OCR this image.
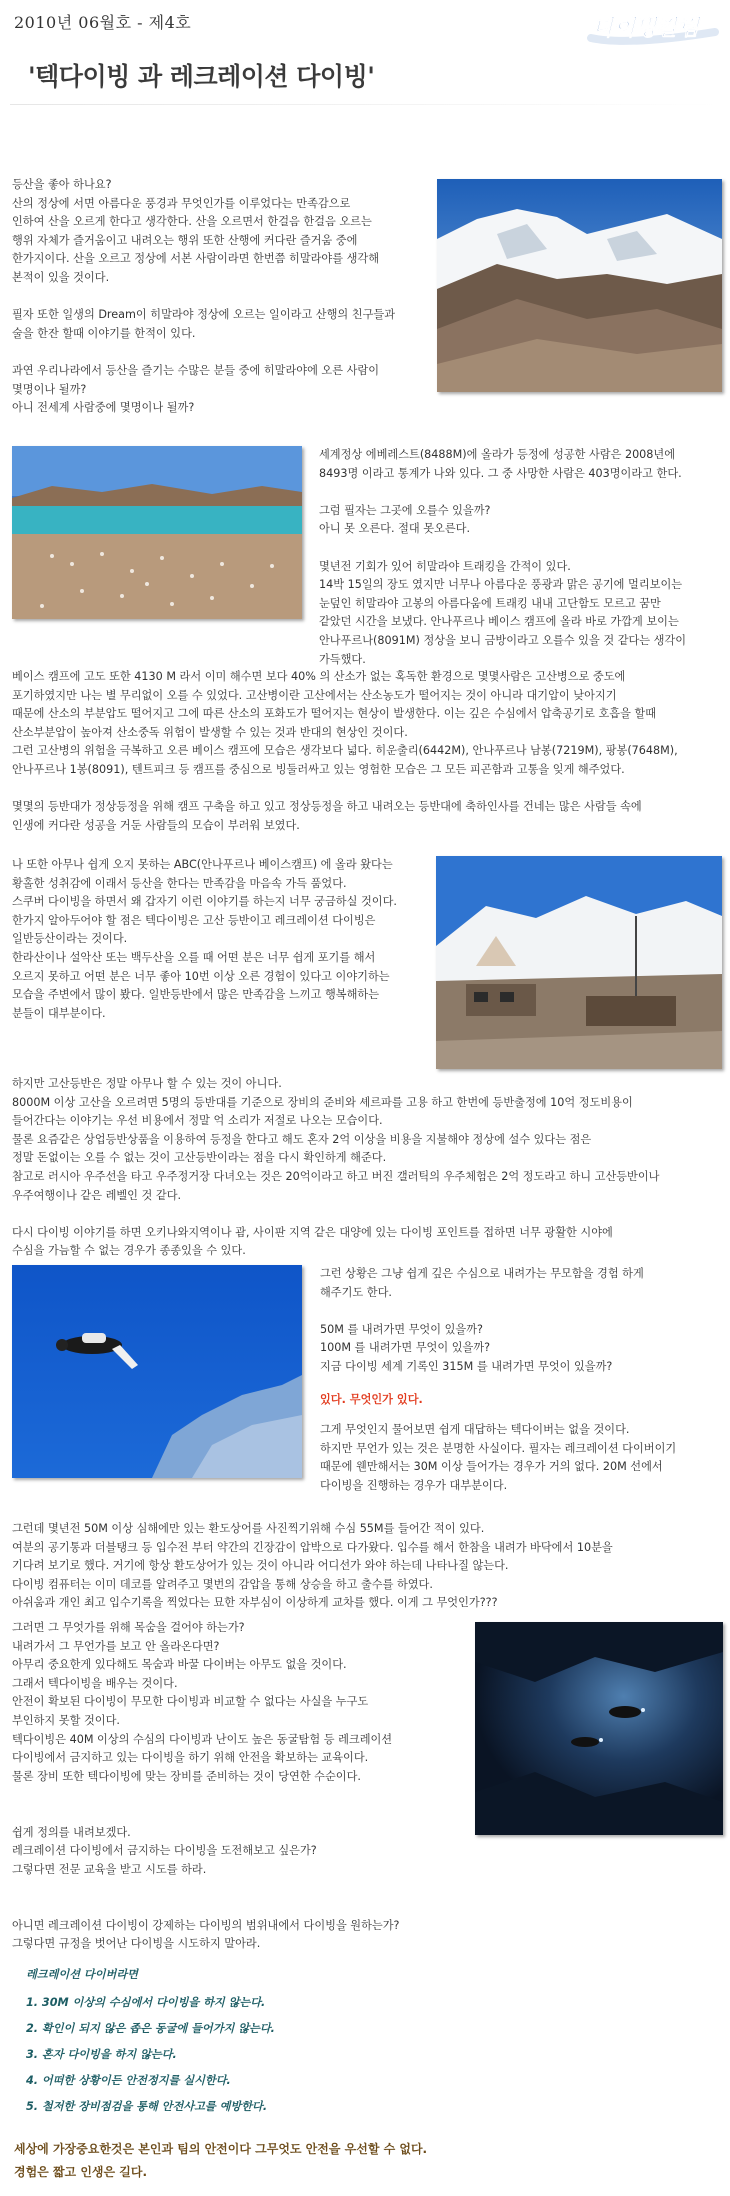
2010년 06월호 - 제4호	다이빙칼럼
'텍다이빙 과 레크레이션 다이빙'
등산을 좋아 하나요?
산의 정상에 서면 아름다운 풍경과 무엇인가를 이루었다는 만족감으로
인하여 산을 오르게 한다고 생각한다. 산을 오르면서 한걸음 한걸음 오르는
행위 자체가 즐거움이고 내려오는 행위 또한 산행에 커다란 즐거움 중에
한가지이다. 산을 오르고 정상에 서본 사람이라면 한번쯤 히말라야를 생각해
본적이 있을 것이다.

필자 또한 일생의 Dream이 히말라야 정상에 오르는 일이라고 산행의 친구들과
술을 한잔 할때 이야기를 한적이 있다.

과연 우리나라에서 등산을 즐기는 수많은 분들 중에 히말라야에 오른 사람이
몇명이나 될까?
아니 전세계 사람중에 몇명이나 될까?
세계정상 에베레스트(8488M)에 올라가 등정에 성공한 사람은 2008년에
8493명 이라고 통계가 나와 있다. 그 중 사망한 사람은 403명이라고 한다.

그럼 필자는 그곳에 오를수 있을까?
아니 못 오른다. 절대 못오른다.

몇년전 기회가 있어 히말라야 트래킹을 간적이 있다.
14박 15일의 장도 였지만 너무나 아름다운 풍광과 맑은 공기에 멀리보이는
눈덮인 히말라야 고봉의 아름다움에 트래킹 내내 고단함도 모르고 꿈만
같았던 시간을 보냈다. 안나푸르나 베이스 캠프에 올라 바로 가깝게 보이는
안나푸르나(8091M) 정상을 보니 금방이라고 오를수 있을 것 같다는 생각이
가득했다.
베이스 캠프에 고도 또한 4130 M 라서 이미 해수면 보다 40% 의 산소가 없는 혹독한 환경으로 몇몇사람은 고산병으로 중도에
포기하였지만 나는 별 무리없이 오를 수 있었다. 고산병이란 고산에서는 산소농도가 떨어지는 것이 아니라 대기압이 낮아지기
때문에 산소의 부분압도 떨어지고 그에 따른 산소의 포화도가 떨어지는 현상이 발생한다. 이는 깊은 수심에서 압축공기로 호흡을 할때
산소부분압이 높아져 산소중독 위험이 발생할 수 있는 것과 반대의 현상인 것이다.
그런 고산병의 위험을 극복하고 오른 베이스 캠프에 모습은 생각보다 넓다. 히운출리(6442M), 안나푸르나 남봉(7219M), 팡봉(7648M),
안나푸르나 1봉(8091), 텐트피크 등 캠프를 중심으로 빙둘러싸고 있는 영험한 모습은 그 모든 피곤함과 고통을 잊게 해주었다.

몇몇의 등반대가 정상등정을 위해 캠프 구축을 하고 있고 정상등정을 하고 내려오는 등반대에 축하인사를 건네는 많은 사람들 속에
인생에 커다란 성공을 거둔 사람들의 모습이 부러워 보였다.
나 또한 아무나 쉽게 오지 못하는 ABC(안나푸르나 베이스캠프) 에 올라 왔다는
황홀한 성취감에 이래서 등산을 한다는 만족감을 마음속 가득 품었다.
스쿠버 다이빙을 하면서 왜 갑자기 이런 이야기를 하는지 너무 궁금하실 것이다.
한가지 알아두어야 할 점은 텍다이빙은 고산 등반이고 레크레이션 다이빙은
일반등산이라는 것이다.
한라산이나 설악산 또는 백두산을 오를 때 어떤 분은 너무 쉽게 포기를 해서
오르지 못하고 어떤 분은 너무 좋아 10번 이상 오른 경험이 있다고 이야기하는
모습을 주변에서 많이 봤다. 일반등반에서 많은 만족감을 느끼고 행복해하는
분들이 대부분이다.
하지만 고산등반은 정말 아무나 할 수 있는 것이 아니다.
8000M 이상 고산을 오르려면 5명의 등반대를 기준으로 장비의 준비와 셰르파를 고용 하고 한번에 등반출정에 10억 정도비용이
들어간다는 이야기는 우선 비용에서 정말 억 소리가 저절로 나오는 모습이다.
물론 요즘같은 상업등반상품을 이용하여 등정을 한다고 해도 혼자 2억 이상을 비용을 지불해야 정상에 설수 있다는 점은
정말 돈없이는 오를 수 없는 것이 고산등반이라는 점을 다시 확인하게 해준다.
참고로 러시아 우주선을 타고 우주정거장 다녀오는 것은 20억이라고 하고 버진 갤러틱의 우주체험은 2억 정도라고 하니 고산등반이나
우주여행이나 같은 레벨인 것 같다.

다시 다이빙 이야기를 하면 오키나와지역이나 괌, 사이판 지역 같은 대양에 있는 다이빙 포인트를 접하면 너무 광활한 시야에
수심을 가늠할 수 없는 경우가 종종있을 수 있다.
그런 상황은 그냥 쉽게 깊은 수심으로 내려가는 무모함을 경험 하게
해주기도 한다.

50M 를 내려가면 무엇이 있을까?
100M 를 내려가면 무엇이 있을까?
지금 다이빙 세계 기록인 315M 를 내려가면 무엇이 있을까?
있다. 무엇인가 있다.
그게 무엇인지 물어보면 쉽게 대답하는 텍다이버는 없을 것이다.
하지만 무언가 있는 것은 분명한 사실이다. 필자는 레크레이션 다이버이기
때문에 웬만해서는 30M 이상 들어가는 경우가 거의 없다. 20M 선에서
다이빙을 진행하는 경우가 대부분이다.
그런데 몇년전 50M 이상 심해에만 있는 환도상어를 사진찍기위해 수심 55M를 들어간 적이 있다.
여분의 공기통과 더블탱크 등 입수전 부터 약간의 긴장감이 압박으로 다가왔다. 입수를 해서 한참을 내려가 바닥에서 10분을
기다려 보기로 했다. 거기에 항상 환도상어가 있는 것이 아니라 어디선가 와야 하는데 나타나질 않는다.
다이빙 컴퓨터는 이미 데코를 알려주고 몇번의 감압을 통해 상승을 하고 출수를 하였다.
아쉬움과 개인 최고 입수기록을 찍었다는 묘한 자부심이 이상하게 교차를 했다. 이게 그 무엇인가???
그러면 그 무엇가를 위해 목숨을 걸어야 하는가?
내려가서 그 무언가를 보고 안 올라온다면?
아무리 중요한게 있다해도 목숨과 바꿀 다이버는 아무도 없을 것이다.
그래서 텍다이빙을 배우는 것이다.
안전이 확보된 다이빙이 무모한 다이빙과 비교할 수 없다는 사실을 누구도
부인하지 못할 것이다.
텍다이빙은 40M 이상의 수심의 다이빙과 난이도 높은 동굴탐험 등 레크레이션
다이빙에서 금지하고 있는 다이빙을 하기 위해 안전을 확보하는 교육이다.
물론 장비 또한 텍다이빙에 맞는 장비를 준비하는 것이 당연한 수순이다.

쉽게 정의를 내려보겠다.
레크레이션 다이빙에서 금지하는 다이빙을 도전해보고 싶은가?
그렇다면 전문 교육을 받고 시도를 하라.

아니면 레크레이션 다이빙이 강제하는 다이빙의 범위내에서 다이빙을 원하는가?
그렇다면 규정을 벗어난 다이빙을 시도하지 말아라.
레크레이션 다이버라면
1. 30M 이상의 수심에서 다이빙을 하지 않는다.
2. 확인이 되지 않은 좁은 동굴에 들어가지 않는다.
3. 혼자 다이빙을 하지 않는다.
4. 어떠한 상황이든 안전정지를 실시한다.
5. 철저한 장비점검을 통해 안전사고를 예방한다.
세상에 가장중요한것은 본인과 팀의 안전이다 그무엇도 안전을 우선할 수 없다.
경험은 짧고 인생은 길다.
